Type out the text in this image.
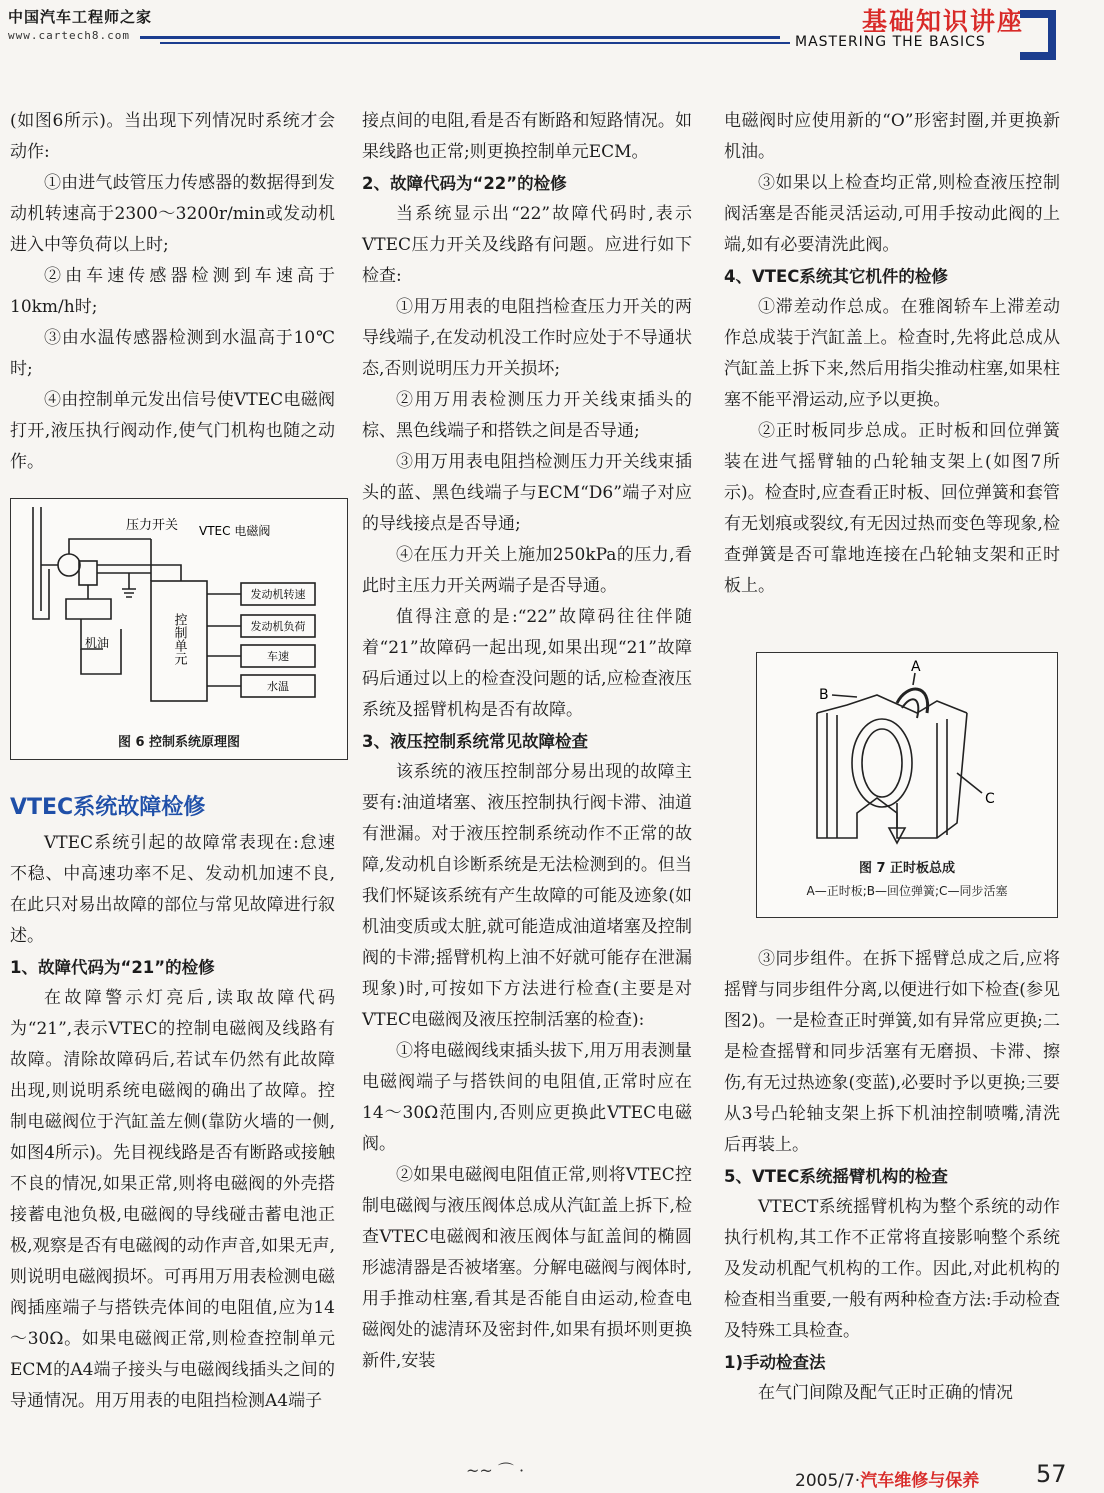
中国汽车工程师之家
www.cartech8.com	基础知识讲座
MASTERING THE BASICS

(如图6所示)。当出现下列情况时系统才会动作:

①由进气歧管压力传感器的数据得到发动机转速高于2300～3200r/min或发动机进入中等负荷以上时;

②由车速传感器检测到车速高于10km/h时;

③由水温传感器检测到水温高于10℃时;

④由控制单元发出信号使VTEC电磁阀打开,液压执行阀动作,使气门机构也随之动作。

压力开关 VTEC 电磁阀
机油	控制单元
发动机转速
发动机负荷
车速
水温
图 6 控制系统原理图
VTEC系统故障检修

VTEC系统引起的故障常表现在:怠速不稳、中高速功率不足、发动机加速不良,在此只对易出故障的部位与常见故障进行叙述。

1、故障代码为“21”的检修

在故障警示灯亮后,读取故障代码为“21”,表示VTEC的控制电磁阀及线路有故障。清除故障码后,若试车仍然有此故障出现,则说明系统电磁阀的确出了故障。控制电磁阀位于汽缸盖左侧(靠防火墙的一侧,如图4所示)。先目视线路是否有断路或接触不良的情况,如果正常,则将电磁阀的外壳搭接蓄电池负极,电磁阀的导线碰击蓄电池正极,观察是否有电磁阀的动作声音,如果无声,则说明电磁阀损坏。可再用万用表检测电磁阀插座端子与搭铁壳体间的电阻值,应为14～30Ω。如果电磁阀正常,则检查控制单元ECM的A4端子接头与电磁阀线插头之间的导通情况。用万用表的电阻挡检测A4端子

接点间的电阻,看是否有断路和短路情况。如果线路也正常;则更换控制单元ECM。

2、故障代码为“22”的检修

当系统显示出“22”故障代码时,表示VTEC压力开关及线路有问题。应进行如下检查:

①用万用表的电阻挡检查压力开关的两导线端子,在发动机没工作时应处于不导通状态,否则说明压力开关损坏;

②用万用表检测压力开关线束插头的棕、黑色线端子和搭铁之间是否导通;

③用万用表电阻挡检测压力开关线束插头的蓝、黑色线端子与ECM“D6”端子对应的导线接点是否导通;

④在压力开关上施加250kPa的压力,看此时主压力开关两端子是否导通。

值得注意的是:“22”故障码往往伴随着“21”故障码一起出现,如果出现“21”故障码后通过以上的检查没问题的话,应检查液压系统及摇臂机构是否有故障。

3、液压控制系统常见故障检查

该系统的液压控制部分易出现的故障主要有:油道堵塞、液压控制执行阀卡滞、油道有泄漏。对于液压控制系统动作不正常的故障,发动机自诊断系统是无法检测到的。但当我们怀疑该系统有产生故障的可能及迹象(如机油变质或太脏,就可能造成油道堵塞及控制阀的卡滞;摇臂机构上油不好就可能存在泄漏现象)时,可按如下方法进行检查(主要是对VTEC电磁阀及液压控制活塞的检查):

①将电磁阀线束插头拔下,用万用表测量电磁阀端子与搭铁间的电阻值,正常时应在14～30Ω范围内,否则应更换此VTEC电磁阀。

②如果电磁阀电阻值正常,则将VTEC控制电磁阀与液压阀体总成从汽缸盖上拆下,检查VTEC电磁阀和液压阀体与缸盖间的椭圆形滤清器是否被堵塞。分解电磁阀与阀体时,用手推动柱塞,看其是否能自由运动,检查电磁阀处的滤清环及密封件,如果有损坏则更换新件,安装

电磁阀时应使用新的“O”形密封圈,并更换新机油。

③如果以上检查均正常,则检查液压控制阀活塞是否能灵活运动,可用手按动此阀的上端,如有必要清洗此阀。

4、VTEC系统其它机件的检修

①滞差动作总成。在雅阁轿车上滞差动作总成装于汽缸盖上。检查时,先将此总成从汽缸盖上拆下来,然后用指尖推动柱塞,如果柱塞不能平滑运动,应予以更换。

②正时板同步总成。正时板和回位弹簧装在进气摇臂轴的凸轮轴支架上(如图7所示)。检查时,应查看正时板、回位弹簧和套管有无划痕或裂纹,有无因过热而变色等现象,检查弹簧是否可靠地连接在凸轮轴支架和正时板上。

A
B
C
图 7 正时板总成
A—正时板;B—回位弹簧;C—同步活塞

③同步组件。在拆下摇臂总成之后,应将摇臂与同步组件分离,以便进行如下检查(参见图2)。一是检查正时弹簧,如有异常应更换;二是检查摇臂和同步活塞有无磨损、卡滞、擦伤,有无过热迹象(变蓝),必要时予以更换;三要从3号凸轮轴支架上拆下机油控制喷嘴,清洗后再装上。

5、VTEC系统摇臂机构的检查

VTECT系统摇臂机构为整个系统的动作执行机构,其工作不正常将直接影响整个系统及发动机配气机构的工作。因此,对此机构的检查相当重要,一般有两种检查方法:手动检查及特殊工具检查。

1)手动检查法

在气门间隙及配气正时正确的情况

~~ ⌒ ·
2005/7·汽车维修与保养 57
